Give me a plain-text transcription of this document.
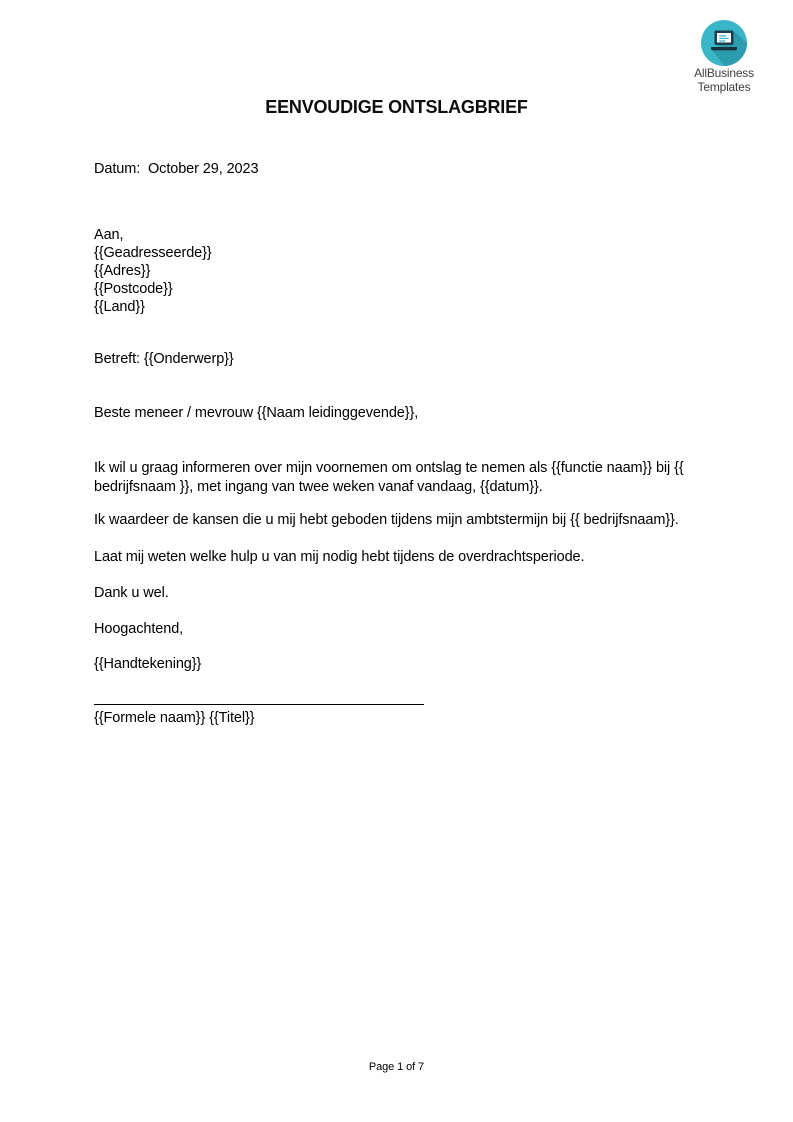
AllBusiness
Templates
EENVOUDIGE ONTSLAGBRIEF
Datum:  October 29, 2023
Aan,
{{Geadresseerde}}
{{Adres}}
{{Postcode}}
{{Land}}
Betreft: {{Onderwerp}}
Beste meneer / mevrouw {{Naam leidinggevende}},
Ik wil u graag informeren over mijn voornemen om ontslag te nemen als {{functie naam}} bij {{
bedrijfsnaam }}, met ingang van twee weken vanaf vandaag, {{datum}}.
Ik waardeer de kansen die u mij hebt geboden tijdens mijn ambtstermijn bij {{ bedrijfsnaam}}.
Laat mij weten welke hulp u van mij nodig hebt tijdens de overdrachtsperiode.
Dank u wel.
Hoogachtend,
{{Handtekening}}
{{Formele naam}} {{Titel}}
Page 1 of 7
